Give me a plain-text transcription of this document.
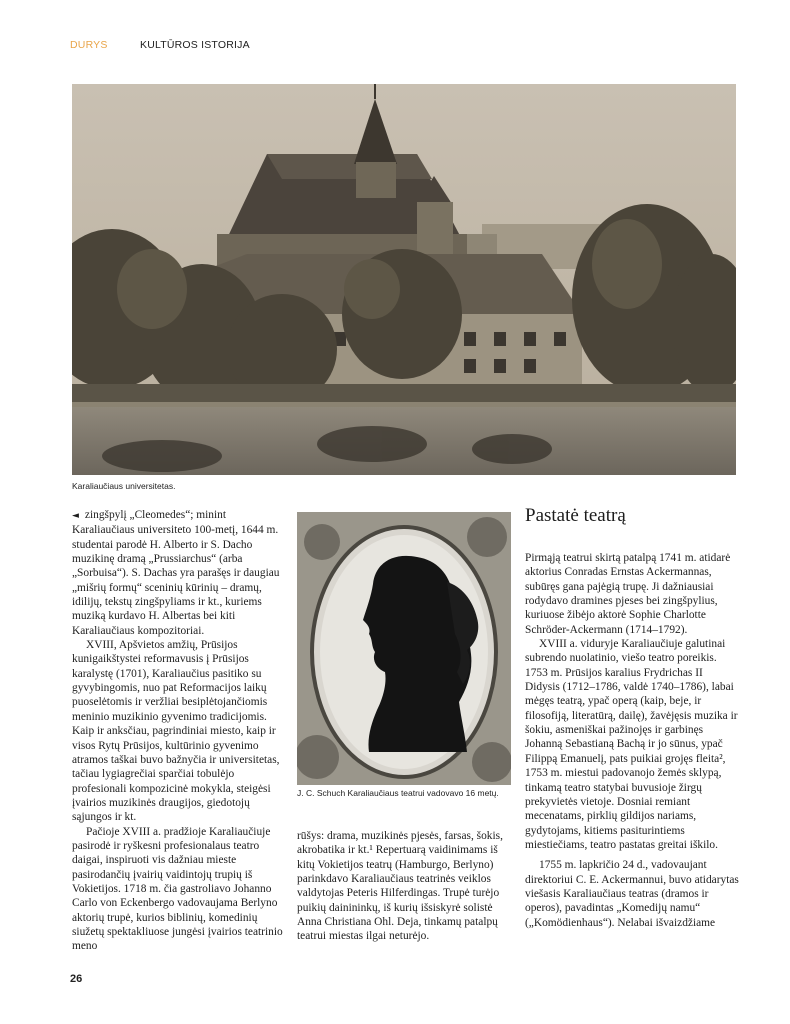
DURYS	KULTŪROS ISTORIJA
Karaliaučiaus universitetas.

◄ zingšpylį „Cleomedes“; minint Karaliaučiaus universiteto 100-metį, 1644 m. studentai parodė H. Alberto ir S. Dacho muzikinę dramą „Prussiarchus“ (arba „Sorbuisa“). S. Dachas yra parašęs ir daugiau „mišrių formų“ sceninių kūrinių – dramų, idilijų, tekstų zingšpyliams ir kt., kuriems muziką kurdavo H. Albertas bei kiti Karaliaučiaus kompozitoriai.

XVIII, Apšvietos amžių, Prūsijos kunigaikštystei reformavusis į Prūsijos karalystę (1701), Karaliaučius pasitiko su gyvybingomis, nuo pat Reformacijos laikų puoselėtomis ir veržliai besiplėtojančiomis meninio muzikinio gyvenimo tradicijomis. Kaip ir anksčiau, pagrindiniai miesto, kaip ir visos Rytų Prūsijos, kultūrinio gyvenimo atramos taškai buvo bažnyčia ir universitetas, tačiau lygiagrečiai sparčiai tobulėjo profesionali kompozicinė mokykla, steigėsi įvairios muzikinės draugijos, giedotojų sąjungos ir kt.

Pačioje XVIII a. pradžioje Karaliaučiuje pasirodė ir ryškesni profesionalaus teatro daigai, inspiruoti vis dažniau mieste pasirodančių įvairių vaidintojų trupių iš Vokietijos. 1718 m. čia gastroliavo Johanno Carlo von Eckenbergo vadovaujama Berlyno aktorių trupė, kurios biblinių, komedinių siužetų spektakliuose jungėsi įvairios teatrinio meno

J. C. Schuch Karaliaučiaus teatrui vadovavo 16 metų.

rūšys: drama, muzikinės pjesės, farsas, šokis, akrobatika ir kt.¹ Repertuarą vaidinimams iš kitų Vokietijos teatrų (Hamburgo, Berlyno) parinkdavo Karaliaučiaus teatrinės veiklos valdytojas Peteris Hilferdingas. Trupė turėjo puikių dainininkų, iš kurių išsiskyrė solistė Anna Christiana Ohl. Deja, tinkamų patalpų teatrui miestas ilgai neturėjo.

Pastatė teatrą

Pirmąją teatrui skirtą patalpą 1741 m. atidarė aktorius Conradas Ernstas Ackermannas, subūręs gana pajėgią trupę. Ji dažniausiai rodydavo dramines pjeses bei zingšpylius, kuriuose žibėjo aktorė Sophie Charlotte Schröder-Ackermann (1714–1792).

XVIII a. viduryje Karaliaučiuje galutinai subrendo nuolatinio, viešo teatro poreikis. 1753 m. Prūsijos karalius Frydrichas II Didysis (1712–1786, valdė 1740–1786), labai mėgęs teatrą, ypač operą (kaip, beje, ir filosofiją, literatūrą, dailę), žavėjęsis muzika ir šokiu, asmeniškai pažinojęs ir garbinęs Johanną Sebastianą Bachą ir jo sūnus, ypač Filippą Emanuelį, pats puikiai grojęs fleita², 1753 m. miestui padovanojo žemės sklypą, tinkamą teatro statybai buvusioje žirgų prekyvietės vietoje. Dosniai remiant mecenatams, pirklių gildijos nariams, gydytojams, kitiems pasiturintiems miestiečiams, teatro pastatas greitai iškilo.

1755 m. lapkričio 24 d., vadovaujant direktoriui C. E. Ackermannui, buvo atidarytas viešasis Karaliaučiaus teatras (dramos ir operos), pavadintas „Komedijų namu“ („Komödienhaus“). Nelabai išvaizdžiame

26
